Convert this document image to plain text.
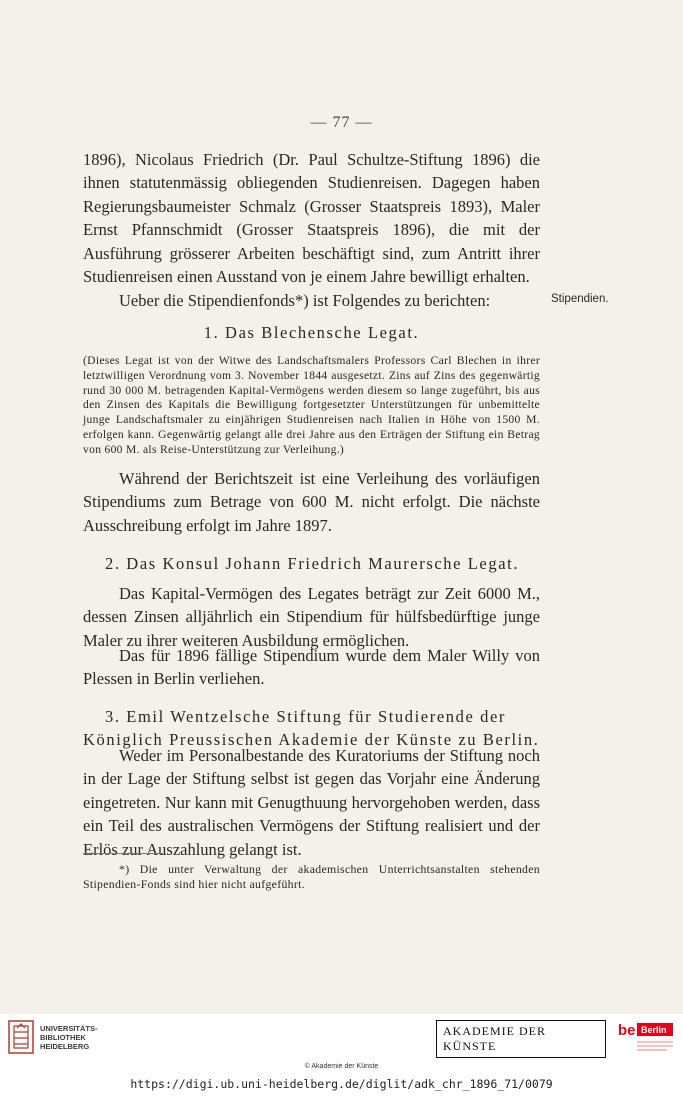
— 77 —
1896), Nicolaus Friedrich (Dr. Paul Schultze-Stiftung 1896) die ihnen statutenmässig obliegenden Studienreisen. Dagegen haben Regierungsbaumeister Schmalz (Grosser Staatspreis 1893), Maler Ernst Pfannschmidt (Grosser Staatspreis 1896), die mit der Ausführung grösserer Arbeiten beschäftigt sind, zum Antritt ihrer Studienreisen einen Ausstand von je einem Jahre bewilligt erhalten.
Ueber die Stipendienfonds*) ist Folgendes zu berichten:	Stipendien.
1. Das Blechensche Legat.
(Dieses Legat ist von der Witwe des Landschaftsmalers Professors Carl Blechen in ihrer letztwilligen Verordnung vom 3. November 1844 ausgesetzt. Zins auf Zins des gegenwärtig rund 30 000 M. betragenden Kapital-Vermögens werden diesem so lange zugeführt, bis aus den Zinsen des Kapitals die Bewilligung fortgesetzter Unterstützungen für unbemittelte junge Landschaftsmaler zu einjährigen Studienreisen nach Italien in Höhe von 1500 M. erfolgen kann. Gegenwärtig gelangt alle drei Jahre aus den Erträgen der Stiftung ein Betrag von 600 M. als Reise-Unterstützung zur Verleihung.)
Während der Berichtszeit ist eine Verleihung des vorläufigen Stipendiums zum Betrage von 600 M. nicht erfolgt. Die nächste Ausschreibung erfolgt im Jahre 1897.
2. Das Konsul Johann Friedrich Maurersche Legat.
Das Kapital-Vermögen des Legates beträgt zur Zeit 6000 M., dessen Zinsen alljährlich ein Stipendium für hülfsbedürftige junge Maler zu ihrer weiteren Ausbildung ermöglichen.
Das für 1896 fällige Stipendium wurde dem Maler Willy von Plessen in Berlin verliehen.
3. Emil Wentzelsche Stiftung für Studierende der Königlich Preussischen Akademie der Künste zu Berlin.
Weder im Personalbestande des Kuratoriums der Stiftung noch in der Lage der Stiftung selbst ist gegen das Vorjahr eine Änderung eingetreten. Nur kann mit Genugthuung hervorgehoben werden, dass ein Teil des australischen Vermögens der Stiftung realisiert und der Erlös zur Auszahlung gelangt ist.
*) Die unter Verwaltung der akademischen Unterrichtsanstalten stehenden Stipendien-Fonds sind hier nicht aufgeführt.
UNIVERSITÄTS-
BIBLIOTHEK
HEIDELBERG
AKADEMIE DER KÜNSTE
be Berlin
© Akademie der Künste
https://digi.ub.uni-heidelberg.de/diglit/adk_chr_1896_71/0079
